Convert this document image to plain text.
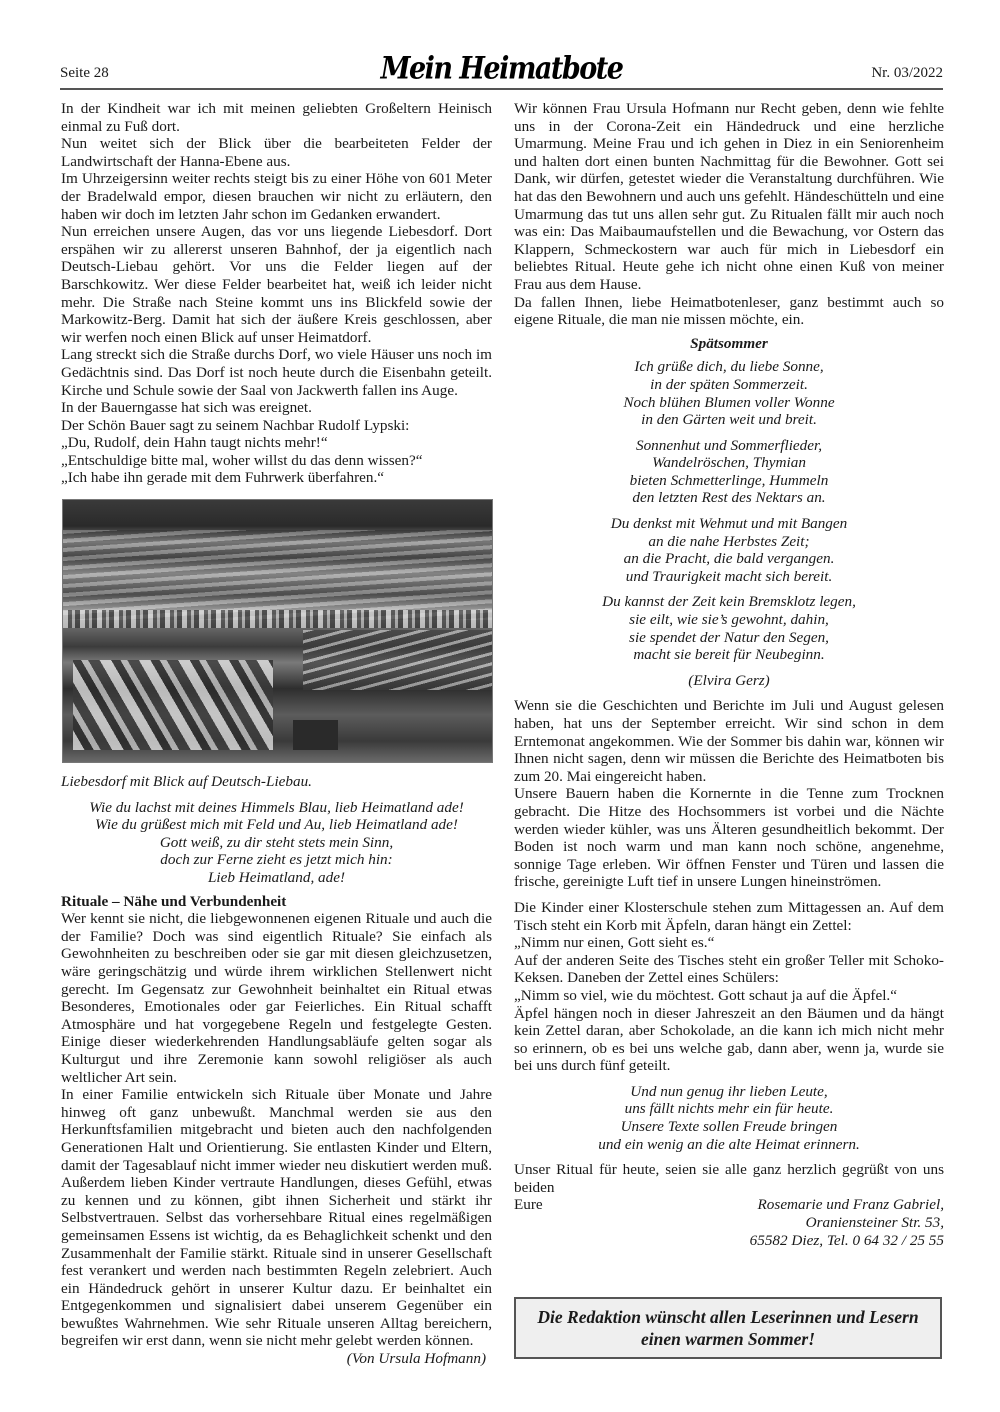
Seite 28	Mein Heimatbote	Nr. 03/2022

In der Kindheit war ich mit meinen geliebten Großeltern Heinisch einmal zu Fuß dort.

Nun weitet sich der Blick über die bearbeiteten Felder der Landwirtschaft der Hanna-Ebene aus.

Im Uhrzeigersinn weiter rechts steigt bis zu einer Höhe von 601 Meter der Bradelwald empor, diesen brauchen wir nicht zu erläutern, den haben wir doch im letzten Jahr schon im Gedanken erwandert.

Nun erreichen unsere Augen, das vor uns liegende Liebesdorf. Dort erspähen wir zu allererst unseren Bahnhof, der ja eigentlich nach Deutsch-Liebau gehört. Vor uns die Felder liegen auf der Barschkowitz. Wer diese Felder bearbeitet hat, weiß ich leider nicht mehr. Die Straße nach Steine kommt uns ins Blickfeld sowie der Markowitz-Berg. Damit hat sich der äußere Kreis geschlossen, aber wir werfen noch einen Blick auf unser Heimatdorf.

Lang streckt sich die Straße durchs Dorf, wo viele Häuser uns noch im Gedächtnis sind. Das Dorf ist noch heute durch die Eisenbahn geteilt. Kirche und Schule sowie der Saal von Jackwerth fallen ins Auge.

In der Bauerngasse hat sich was ereignet.

Der Schön Bauer sagt zu seinem Nachbar Rudolf Lypski:

„Du, Rudolf, dein Hahn taugt nichts mehr!“

„Entschuldige bitte mal, woher willst du das denn wissen?“

„Ich habe ihn gerade mit dem Fuhrwerk überfahren.“

Liebesdorf mit Blick auf Deutsch-Liebau.

Wie du lachst mit deines Himmels Blau, lieb Heimatland ade!
Wie du grüßest mich mit Feld und Au, lieb Heimatland ade!
Gott weiß, zu dir steht stets mein Sinn,
doch zur Ferne zieht es jetzt mich hin:
Lieb Heimatland, ade!
Rituale – Nähe und Verbundenheit

Wer kennt sie nicht, die liebgewonnenen eigenen Rituale und auch die der Familie? Doch was sind eigentlich Rituale? Sie einfach als Gewohnheiten zu beschreiben oder sie gar mit diesen gleichzusetzen, wäre geringschätzig und würde ihrem wirklichen Stellenwert nicht gerecht. Im Gegensatz zur Gewohnheit beinhaltet ein Ritual etwas Besonderes, Emotionales oder gar Feierliches. Ein Ritual schafft Atmosphäre und hat vorgegebene Regeln und festgelegte Gesten. Einige dieser wiederkehrenden Handlungsabläufe gelten sogar als Kulturgut und ihre Zeremonie kann sowohl religiöser als auch weltlicher Art sein.

In einer Familie entwickeln sich Rituale über Monate und Jahre hinweg oft ganz unbewußt. Manchmal werden sie aus den Herkunftsfamilien mitgebracht und bieten auch den nachfolgenden Generationen Halt und Orientierung. Sie entlasten Kinder und Eltern, damit der Tagesablauf nicht immer wieder neu diskutiert werden muß. Außerdem lieben Kinder vertraute Handlungen, dieses Gefühl, etwas zu kennen und zu können, gibt ihnen Sicherheit und stärkt ihr Selbstvertrauen. Selbst das vorhersehbare Ritual eines regelmäßigen gemeinsamen Essens ist wichtig, da es Behaglichkeit schenkt und den Zusammenhalt der Familie stärkt. Rituale sind in unserer Gesellschaft fest verankert und werden nach bestimmten Regeln zelebriert. Auch ein Händedruck gehört in unserer Kultur dazu. Er beinhaltet ein Entgegenkommen und signalisiert dabei unserem Gegenüber ein bewußtes Wahrnehmen. Wie sehr Rituale unseren Alltag bereichern, begreifen wir erst dann, wenn sie nicht mehr gelebt werden können.
(Von Ursula Hofmann)

Wir können Frau Ursula Hofmann nur Recht geben, denn wie fehlte uns in der Corona-Zeit ein Händedruck und eine herzliche Umarmung. Meine Frau und ich gehen in Diez in ein Seniorenheim und halten dort einen bunten Nachmittag für die Bewohner. Gott sei Dank, wir dürfen, getestet wieder die Veranstaltung durchführen. Wie hat das den Bewohnern und auch uns gefehlt. Händeschütteln und eine Umarmung das tut uns allen sehr gut. Zu Ritualen fällt mir auch noch was ein: Das Maibaumaufstellen und die Bewachung, vor Ostern das Klappern, Schmeckostern war auch für mich in Liebesdorf ein beliebtes Ritual. Heute gehe ich nicht ohne einen Kuß von meiner Frau aus dem Hause.

Da fallen Ihnen, liebe Heimatbotenleser, ganz bestimmt auch so eigene Rituale, die man nie missen möchte, ein.

Spätsommer
Ich grüße dich, du liebe Sonne,
in der späten Sommerzeit.
Noch blühen Blumen voller Wonne
in den Gärten weit und breit.
Sonnenhut und Sommerflieder,
Wandelröschen, Thymian
bieten Schmetterlinge, Hummeln
den letzten Rest des Nektars an.
Du denkst mit Wehmut und mit Bangen
an die nahe Herbstes Zeit;
an die Pracht, die bald vergangen.
und Traurigkeit macht sich bereit.
Du kannst der Zeit kein Bremsklotz legen,
sie eilt, wie sie’s gewohnt, dahin,
sie spendet der Natur den Segen,
macht sie bereit für Neubeginn.
(Elvira Gerz)

Wenn sie die Geschichten und Berichte im Juli und August gelesen haben, hat uns der September erreicht. Wir sind schon in dem Erntemonat angekommen. Wie der Sommer bis dahin war, können wir Ihnen nicht sagen, denn wir müssen die Berichte des Heimatboten bis zum 20. Mai eingereicht haben.

Unsere Bauern haben die Kornernte in die Tenne zum Trocknen gebracht. Die Hitze des Hochsommers ist vorbei und die Nächte werden wieder kühler, was uns Älteren gesundheitlich bekommt. Der Boden ist noch warm und man kann noch schöne, angenehme, sonnige Tage erleben. Wir öffnen Fenster und Türen und lassen die frische, gereinigte Luft tief in unsere Lungen hineinströmen.

Die Kinder einer Klosterschule stehen zum Mittagessen an. Auf dem Tisch steht ein Korb mit Äpfeln, daran hängt ein Zettel:

„Nimm nur einen, Gott sieht es.“

Auf der anderen Seite des Tisches steht ein großer Teller mit Schoko-Keksen. Daneben der Zettel eines Schülers:

„Nimm so viel, wie du möchtest. Gott schaut ja auf die Äpfel.“

Äpfel hängen noch in dieser Jahreszeit an den Bäumen und da hängt kein Zettel daran, aber Schokolade, an die kann ich mich nicht mehr so erinnern, ob es bei uns welche gab, dann aber, wenn ja, wurde sie bei uns durch fünf geteilt.

Und nun genug ihr lieben Leute,
uns fällt nichts mehr ein für heute.
Unsere Texte sollen Freude bringen
und ein wenig an die alte Heimat erinnern.

Unser Ritual für heute, seien sie alle ganz herzlich gegrüßt von uns beiden

Eure	Rosemarie und Franz Gabriel,
Oraniensteiner Str. 53,
65582 Diez, Tel. 0 64 32 / 25 55
Die Redaktion wünscht allen Leserinnen und Lesern
einen warmen Sommer!
